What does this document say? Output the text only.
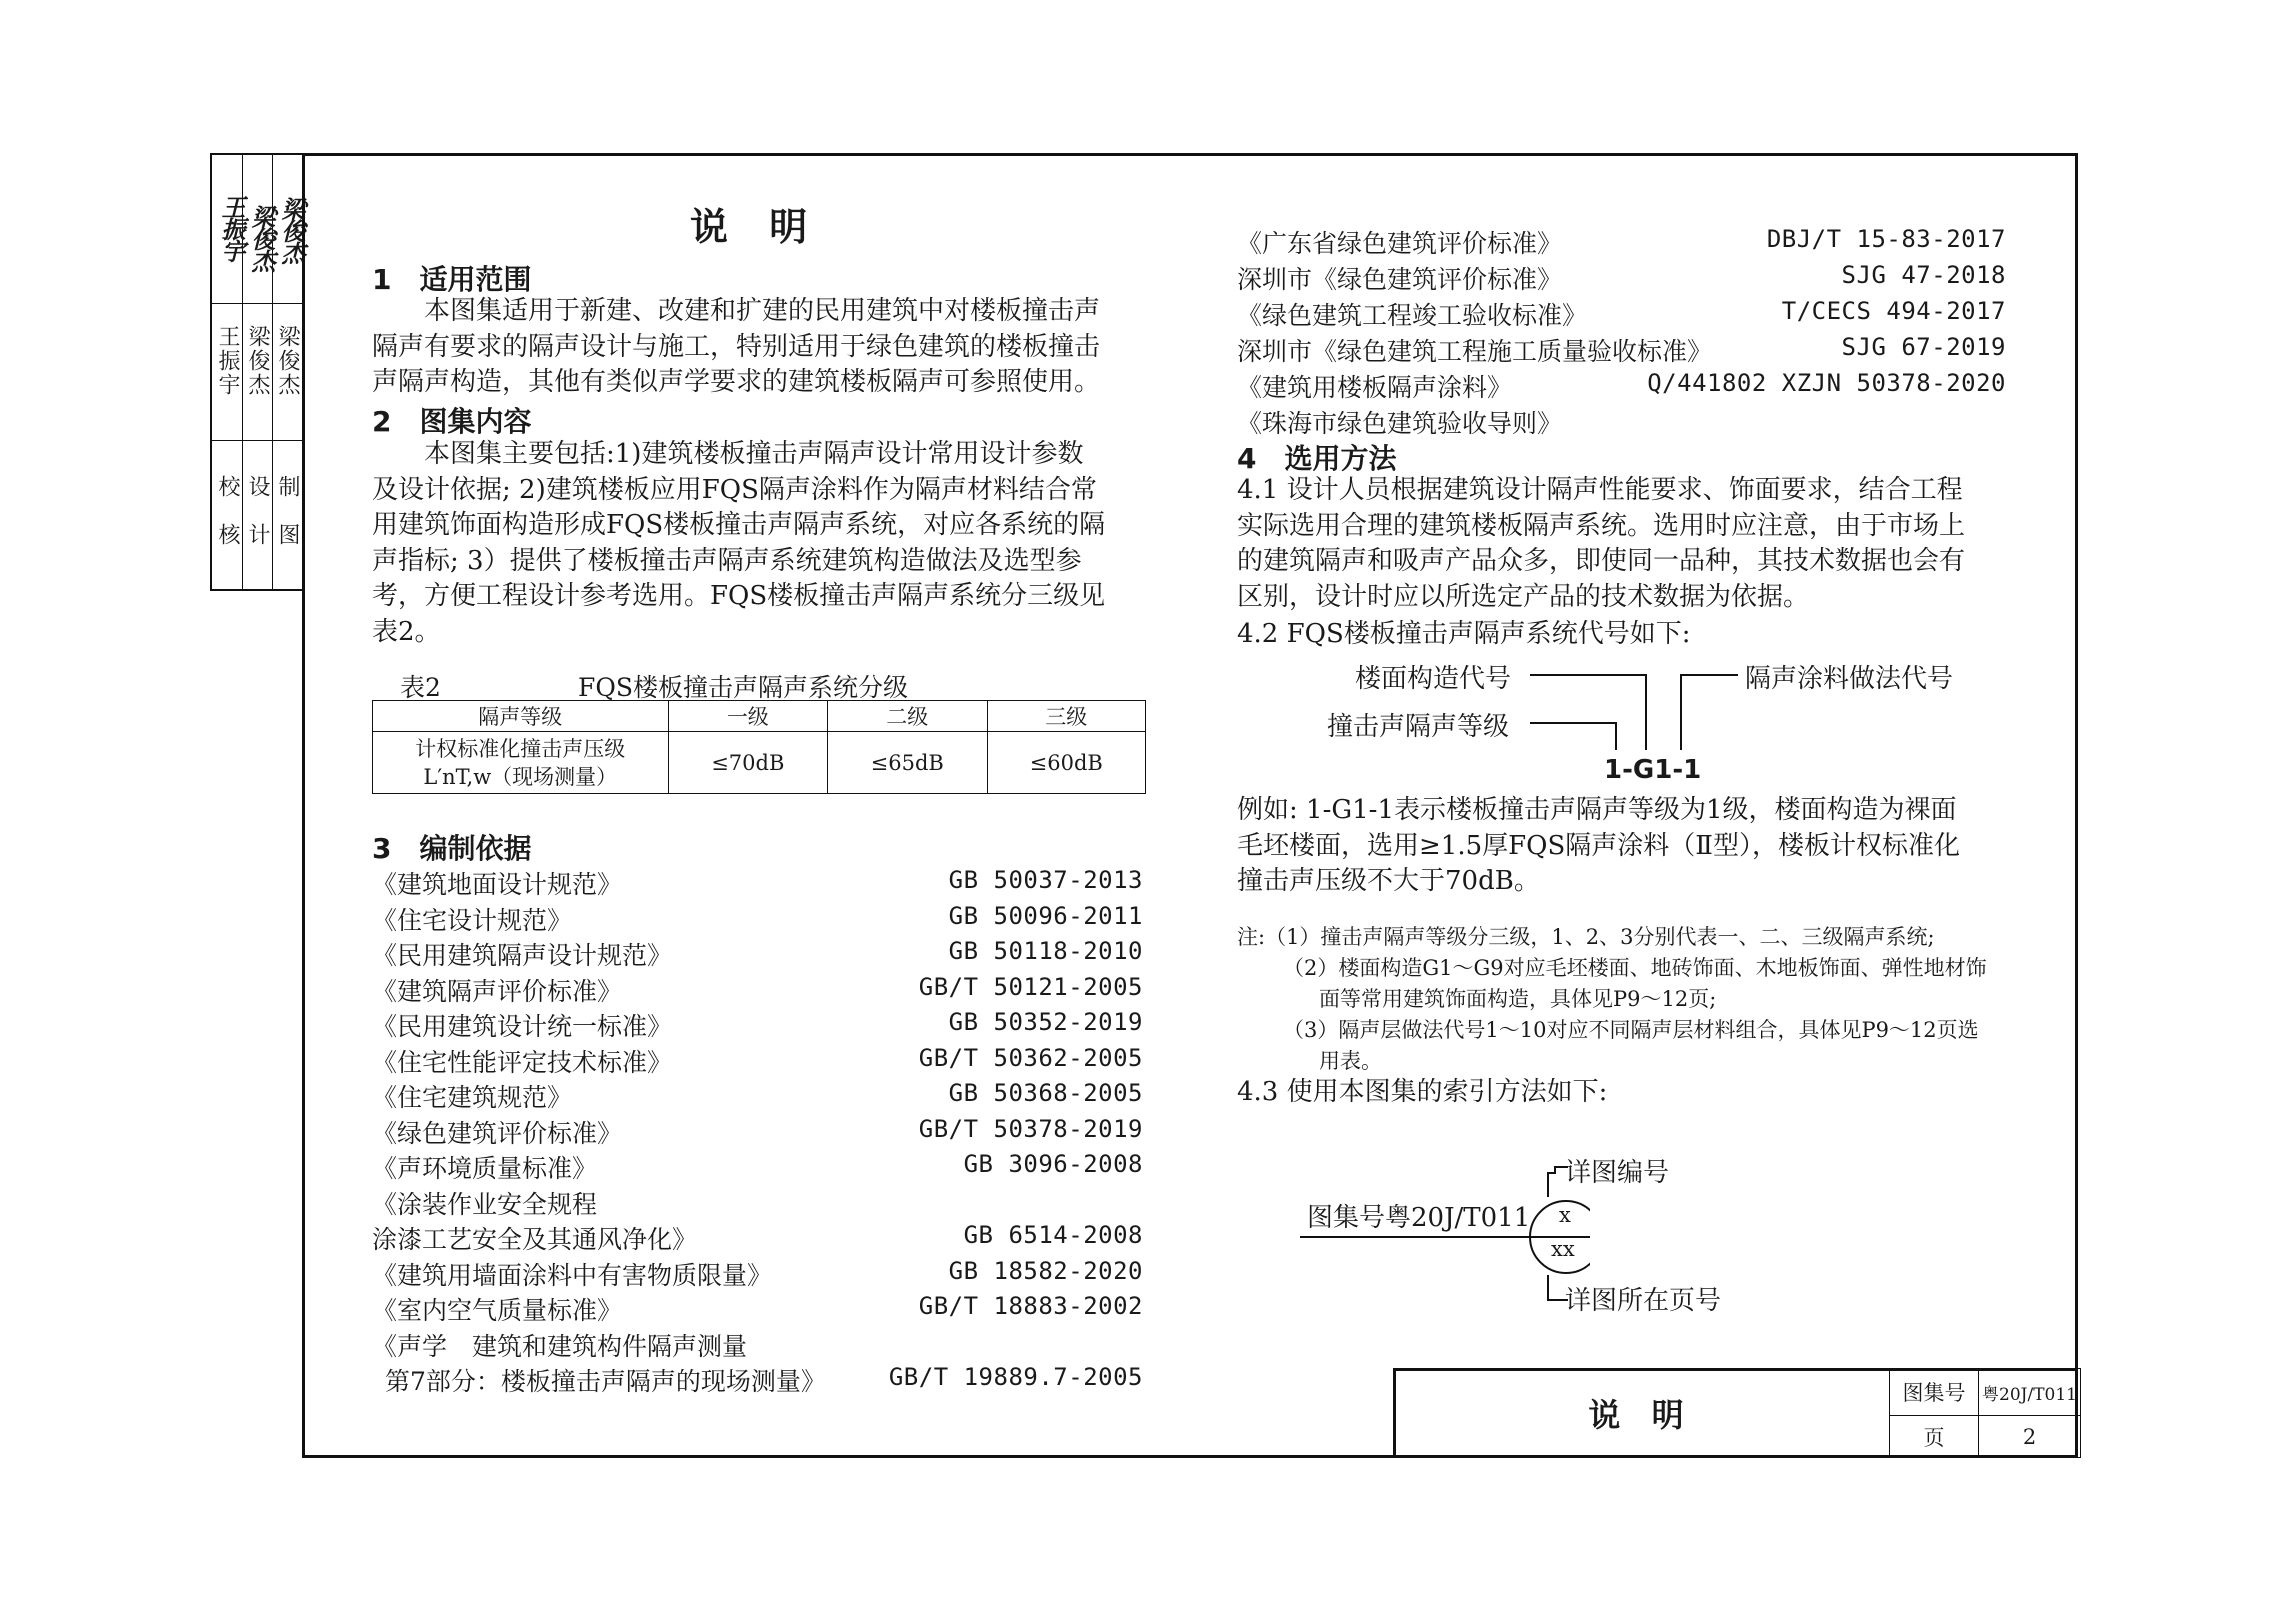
校　核 设　计 制　图
王振宇 梁俊杰 梁俊杰
王振宇 梁俊杰 梁俊杰	说 明
1　适用范围
本图集适用于新建、改建和扩建的民用建筑中对楼板撞击声
隔声有要求的隔声设计与施工，特别适用于绿色建筑的楼板撞击
声隔声构造，其他有类似声学要求的建筑楼板隔声可参照使用。
2　图集内容
本图集主要包括:1)建筑楼板撞击声隔声设计常用设计参数
及设计依据; 2)建筑楼板应用FQS隔声涂料作为隔声材料结合常
用建筑饰面构造形成FQS楼板撞击声隔声系统，对应各系统的隔
声指标; 3）提供了楼板撞击声隔声系统建筑构造做法及选型参
考，方便工程设计参考选用。FQS楼板撞击声隔声系统分三级见
表2。
表2	FQS楼板撞击声隔声系统分级
隔声等级	一级	二级	三级

计权标准化撞击声压级
L′nT,w（现场测量）	≤70dB	≤65dB	≤60dB
3　编制依据
《建筑地面设计规范》	GB 50037-2013
《住宅设计规范》	GB 50096-2011
《民用建筑隔声设计规范》	GB 50118-2010
《建筑隔声评价标准》	GB/T 50121-2005
《民用建筑设计统一标准》	GB 50352-2019
《住宅性能评定技术标准》	GB/T 50362-2005
《住宅建筑规范》	GB 50368-2005
《绿色建筑评价标准》	GB/T 50378-2019
《声环境质量标准》	GB 3096-2008
《涂装作业安全规程
涂漆工艺安全及其通风净化》	GB 6514-2008
《建筑用墙面涂料中有害物质限量》	GB 18582-2020
《室内空气质量标准》	GB/T 18883-2002
《声学　建筑和建筑构件隔声测量
第7部分：楼板撞击声隔声的现场测量》	GB/T 19889.7-2005
《广东省绿色建筑评价标准》	DBJ/T 15-83-2017
深圳市《绿色建筑评价标准》	SJG 47-2018
《绿色建筑工程竣工验收标准》	T/CECS 494-2017
深圳市《绿色建筑工程施工质量验收标准》	SJG 67-2019
《建筑用楼板隔声涂料》	Q/441802 XZJN 50378-2020
《珠海市绿色建筑验收导则》
4　选用方法
4.1 设计人员根据建筑设计隔声性能要求、饰面要求，结合工程
实际选用合理的建筑楼板隔声系统。选用时应注意，由于市场上
的建筑隔声和吸声产品众多，即使同一品种，其技术数据也会有
区别，设计时应以所选定产品的技术数据为依据。
4.2 FQS楼板撞击声隔声系统代号如下:
楼面构造代号	隔声涂料做法代号
撞击声隔声等级
1-G1-1
例如: 1-G1-1表示楼板撞击声隔声等级为1级，楼面构造为裸面
毛坯楼面，选用≥1.5厚FQS隔声涂料（Ⅱ型），楼板计权标准化
撞击声压级不大于70dB。
注:（1）撞击声隔声等级分三级，1、2、3分别代表一、二、三级隔声系统;
（2）楼面构造G1～G9对应毛坯楼面、地砖饰面、木地板饰面、弹性地材饰
面等常用建筑饰面构造，具体见P9～12页;
（3）隔声层做法代号1～10对应不同隔声层材料组合，具体见P9～12页选
用表。
4.3 使用本图集的索引方法如下:
详图编号
图集号粤20J/T011
详图所在页号
x
xx
说 明
图集号 粤20J/T011
页	2
